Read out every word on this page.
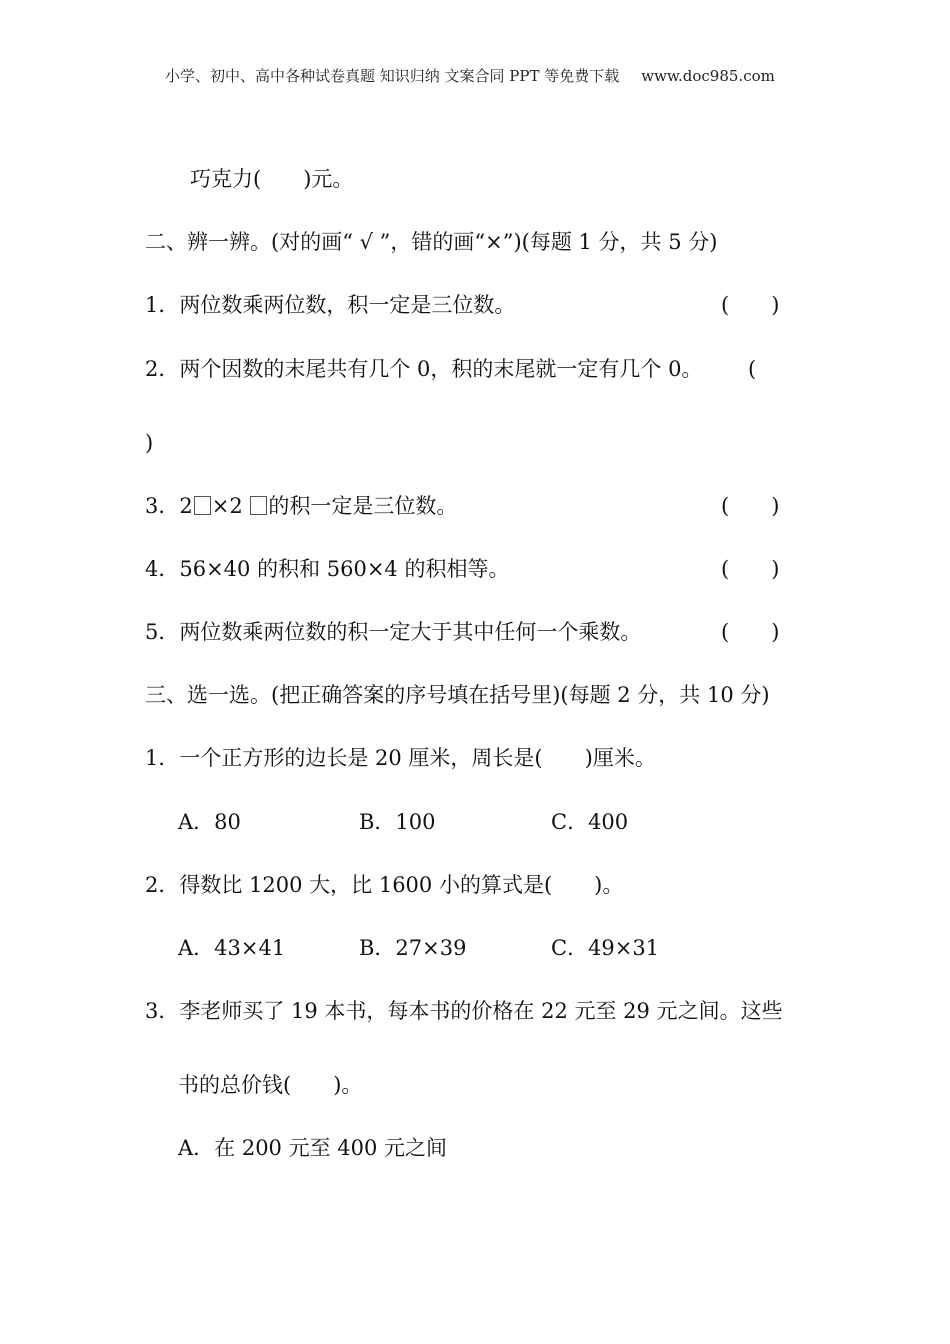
小学、初中、高中各种试卷真题 知识归纳 文案合同 PPT 等免费下载 www.doc985.com
巧克力(　　)元。
二、辨一辨。(对的画“ √ ”，错的画“×”)(每题 1 分，共 5 分)
1．两位数乘两位数，积一定是三位数。	(　　)
2．两个因数的末尾共有几个 0，积的末尾就一定有几个 0。 (
)
3．2 ×2 的积一定是三位数。	(　　)
4．56×40 的积和 560×4 的积相等。	(　　)
5．两位数乘两位数的积一定大于其中任何一个乘数。	(　　)
三、选一选。(把正确答案的序号填在括号里)(每题 2 分，共 10 分)
1．一个正方形的边长是 20 厘米，周长是(　　)厘米。
A．80	B．100	C．400
2．得数比 1200 大，比 1600 小的算式是(　　)。
A．43×41	B．27×39	C．49×31
3．李老师买了 19 本书，每本书的价格在 22 元至 29 元之间。这些
书的总价钱(　　)。
A．在 200 元至 400 元之间
